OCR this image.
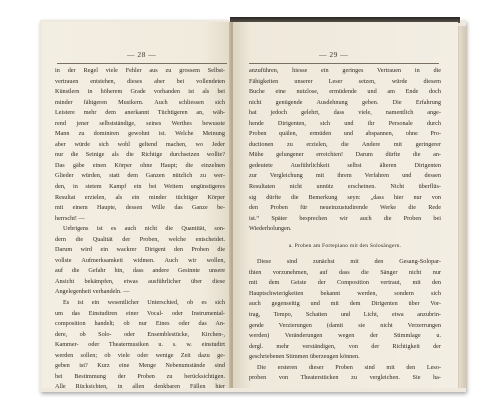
— 28 —
in der Regel viele Fehler aus zu grossem Selbst-
vertrauen entstehen, dieses aber bei vollendeten
Künstlern in höherem Grade vorhanden ist als bei
minder fähigeren Musikern. Auch schliessen sich
Leistere mehr dem anerkannt Tüchtigeren an, wäh-
rend jener selbstständige, seines Werthes bewusste
Mann zu dominiren gewohnt ist. Welche Meinung
aber würde sich wohl geltend machen, wo Jeder
nur die Seinige als die Richtige durchsetzen wollte?
Das gäbe einen Körper ohne Haupt; die einzelnen
Glieder würden, statt dem Ganzen nützlich zu wer-
den, in stetem Kampf ein bei Weitem ungünstigeres
Resultat erzielen, als ein minder tüchtiger Körper
mit einem Haupte, dessen Wille das Ganze be-
herrscht! —
Uebrigens ist es auch nicht die Quantität, son-
dern die Qualität der Proben, welche entscheidet.
Darum wird ein wackrer Dirigent den Proben die
vollste Aufmerksamkeit widmen. Auch wir wollen,
auf die Gefahr hin, dass andere Gesinnte unsere
Ansicht bekämpfen, etwas ausführlicher über diese
Angelegenheit verhandeln. —
Es ist ein wesentlicher Unterschied, ob es sich
um das Einstudiren einer Vocal- oder Instrumental-
composition handelt; ob nur Eines oder das An-
dere, ob Solo- oder Ensemblestücke, Kirchen-,
Kammer- oder Theatermusiken u. s. w. einstudirt
werden sollen; ob viele oder wenige Zeit dazu ge-
geben ist? Kurz eine Menge Nebenumstände sind
bei Bestimmung der Proben zu berücksichtigen.
Alle Rücksichten, in allen denkbaren Fällen hier
— 29 —
anzuführen, hiesse ein geringes Vertrauen in die
Fähigkeiten unserer Leser setzen, würde diesem
Buche eine nutzlose, ermüdende und am Ende doch
nicht genügende Ausdehnung geben. Die Erfahrung
hat jedoch gelehrt, dass viele, namentlich ange-
hende Dirigenten, sich und ihr Personale durch
Proben quälen, ermüden und abspannen, ohne Pro-
ductionen zu erzielen, die Andere mit geringerer
Mühe gelungener erreichten! Darum dürfte die an-
gedeutete Ausführlichkeit selbst älteren Dirigenten
zur Vergleichung mit ihrem Verfahren und dessen
Resultaten nicht unnütz erscheinen. Nicht überflüs-
sig dürfte die Bemerkung seyn: „dass hier nur von
den Proben für neueinzustudirende Werke die Rede
ist.“ Später besprechen wir auch die Proben bei
Wiederholungen.
a. Proben am Fortepiano mit den Solosängern.
Diese sind zunächst mit den Gesang-Solopar-
thien vorzunehmen, auf dass die Sänger nicht nur
mit dem Geiste der Composition vertraut, mit den
Hauptschwierigkeiten bekannt werden, sondern sich
auch gegenseitig und mit dem Dirigenten über Vor-
trag, Tempo, Schatten und Licht, etwa anzubrin-
gende Verzierungen (damit sie nicht Verzerrungen
werden) Veränderungen wegen der Stimmlage u.
dergl. mehr verständigen, von der Richtigkeit der
geschriebenen Stimmen überzeugen können.
Die ersteren dieser Proben sind mit den Leso-
proben von Theaterstücken zu vergleichen. Sie ha-
